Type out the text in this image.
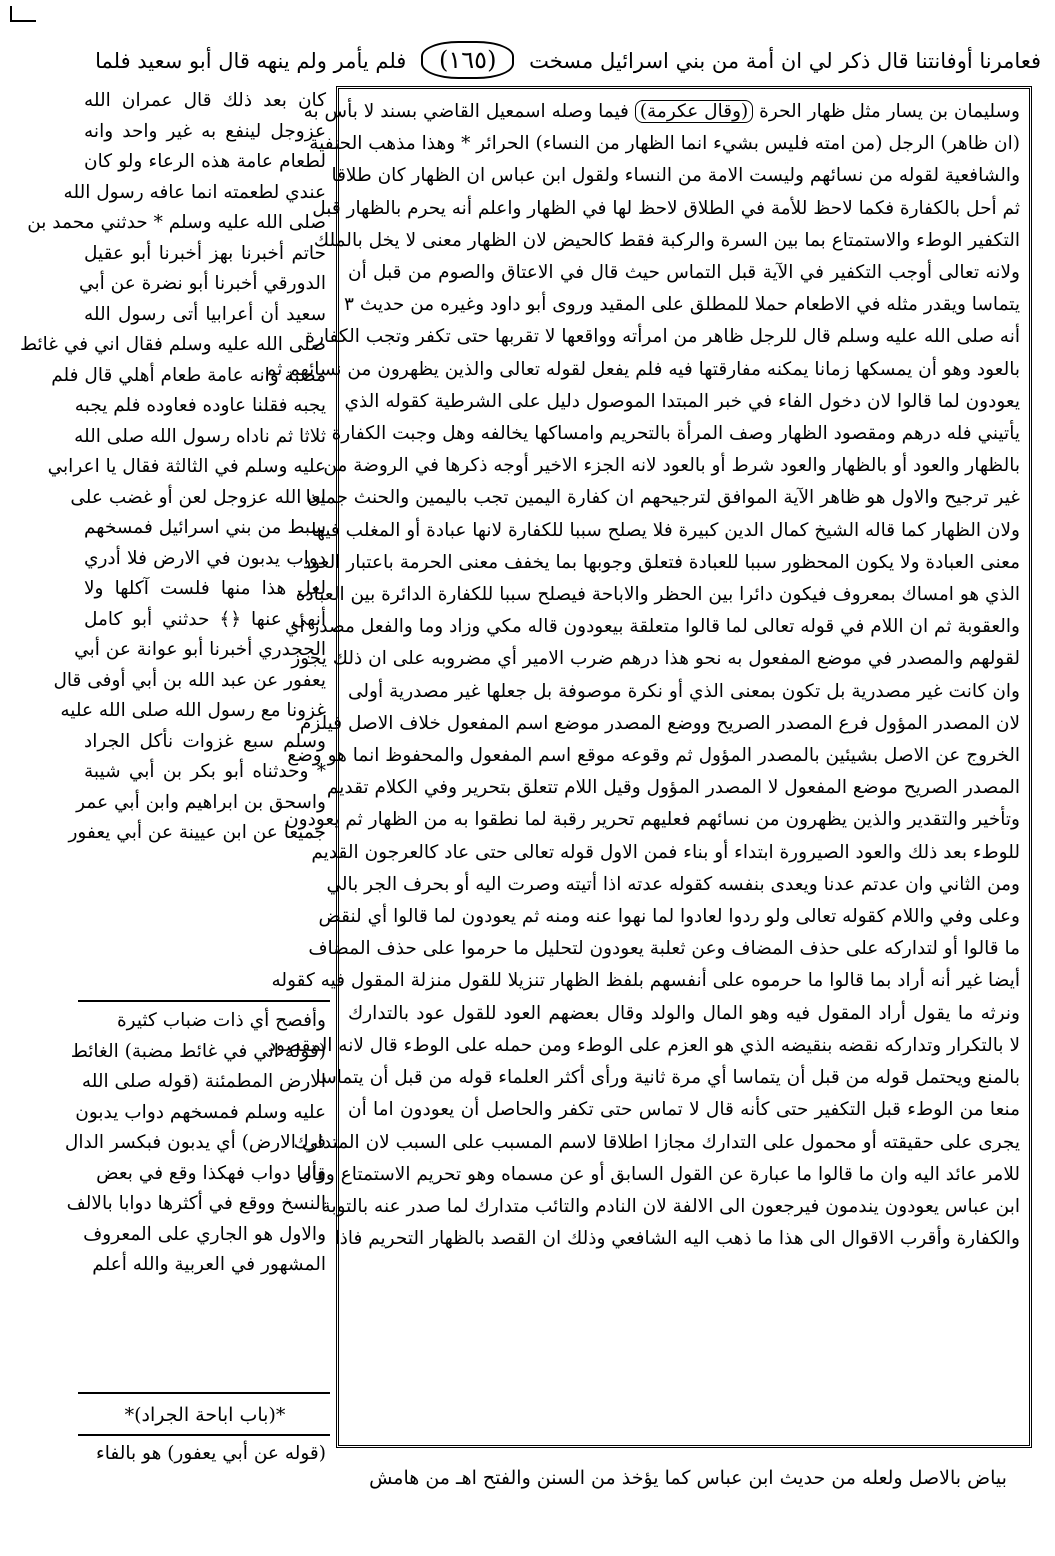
فعامرنا أوفانتنا قال ذكر لي ان أمة من بني اسرائيل مسخت (١٦٥) فلم يأمر ولم ينهه قال أبو سعيد فلما
كان بعد ذلك قال عمران الله
عزوجل لينفع به غير واحد وانه
لطعام عامة هذه الرعاء ولو كان
عندي لطعمته انما عافه رسول الله
صلى الله عليه وسلم * حدثني محمد بن
حاتم أخبرنا بهز أخبرنا أبو عقيل
الدورقي أخبرنا أبو نضرة عن أبي
سعيد أن أعرابيا أتى رسول الله
صلى الله عليه وسلم فقال اني في غائط
مضبة وانه عامة طعام أهلي قال فلم
يجبه فقلنا عاوده فعاوده فلم يجبه
ثلاثا ثم ناداه رسول الله صلى الله
عليه وسلم في الثالثة فقال يا اعرابي
ان الله عزوجل لعن أو غضب على
سبط من بني اسرائيل فمسخهم
دواب يدبون في الارض فلا أدري
لعل هذا منها فلست آكلها ولا
أنهى عنها ﴿﴾ حدثني أبو كامل
الجحدري أخبرنا أبو عوانة عن أبي
يعفور عن عبد الله بن أبي أوفى قال
غزونا مع رسول الله صلى الله عليه
وسلم سبع غزوات نأكل الجراد
* وحدثناه أبو بكر بن أبي شيبة
واسحق بن ابراهيم وابن أبي عمر
جميعا عن ابن عيينة عن أبي يعفور
وأفصح أي ذات ضباب كثيرة
(قوله اني في غائط مضبة) الغائط
الارض المطمئنة (قوله صلى الله
عليه وسلم فمسخهم دواب يدبون
في الارض) أي يدبون فبكسر الدال
وأما دواب فهكذا وقع في بعض
النسخ ووقع في أكثرها دوابا بالالف
والاول هو الجاري على المعروف
المشهور في العربية والله أعلم
*(باب اباحة الجراد)*
(قوله عن أبي يعفور) هو بالفاء
وسليمان بن يسار مثل ظهار الحرة (وقال عكرمة) فيما وصله اسمعيل القاضي بسند لا بأس به
(ان ظاهر) الرجل (من امته فليس بشيء انما الظهار من النساء) الحرائر * وهذا مذهب الحنفية
والشافعية لقوله من نسائهم وليست الامة من النساء ولقول ابن عباس ان الظهار كان طلاقا
ثم أحل بالكفارة فكما لاحظ للأمة في الطلاق لاحظ لها في الظهار واعلم أنه يحرم بالظهار قبل
التكفير الوطء والاستمتاع بما بين السرة والركبة فقط كالحيض لان الظهار معنى لا يخل بالملك
ولانه تعالى أوجب التكفير في الآية قبل التماس حيث قال في الاعتاق والصوم من قبل أن
يتماسا ويقدر مثله في الاطعام حملا للمطلق على المقيد وروى أبو داود وغيره من حديث ٣
أنه صلى الله عليه وسلم قال للرجل ظاهر من امرأته وواقعها لا تقربها حتى تكفر وتجب الكفارة
بالعود وهو أن يمسكها زمانا يمكنه مفارقتها فيه فلم يفعل لقوله تعالى والذين يظهرون من نسائهم ثم
يعودون لما قالوا لان دخول الفاء في خبر المبتدا الموصول دليل على الشرطية كقوله الذي
يأتيني فله درهم ومقصود الظهار وصف المرأة بالتحريم وامساكها يخالفه وهل وجبت الكفارة
بالظهار والعود أو بالظهار والعود شرط أو بالعود لانه الجزء الاخير أوجه ذكرها في الروضة من
غير ترجيح والاول هو ظاهر الآية الموافق لترجيحهم ان كفارة اليمين تجب باليمين والحنث جميعا
ولان الظهار كما قاله الشيخ كمال الدين كبيرة فلا يصلح سببا للكفارة لانها عبادة أو المغلب فيها
معنى العبادة ولا يكون المحظور سببا للعبادة فتعلق وجوبها بما يخفف معنى الحرمة باعتبار العود
الذي هو امساك بمعروف فيكون دائرا بين الحظر والاباحة فيصلح سببا للكفارة الدائرة بين العبادة
والعقوبة ثم ان اللام في قوله تعالى لما قالوا متعلقة بيعودون قاله مكي وزاد وما والفعل مصدر أي
لقولهم والمصدر في موضع المفعول به نحو هذا درهم ضرب الامير أي مضروبه على ان ذلك يجوز
وان كانت غير مصدرية بل تكون بمعنى الذي أو نكرة موصوفة بل جعلها غير مصدرية أولى
لان المصدر المؤول فرع المصدر الصريح ووضع المصدر موضع اسم المفعول خلاف الاصل فيلزم
الخروج عن الاصل بشيئين بالمصدر المؤول ثم وقوعه موقع اسم المفعول والمحفوظ انما هو وضع
المصدر الصريح موضع المفعول لا المصدر المؤول وقيل اللام تتعلق بتحرير وفي الكلام تقديم
وتأخير والتقدير والذين يظهرون من نسائهم فعليهم تحرير رقبة لما نطقوا به من الظهار ثم يعودون
للوطء بعد ذلك والعود الصيرورة ابتداء أو بناء فمن الاول قوله تعالى حتى عاد كالعرجون القديم
ومن الثاني وان عدتم عدنا ويعدى بنفسه كقوله عدته اذا أتيته وصرت اليه أو بحرف الجر بالي
وعلى وفي واللام كقوله تعالى ولو ردوا لعادوا لما نهوا عنه ومنه ثم يعودون لما قالوا أي لنقض
ما قالوا أو لتداركه على حذف المضاف وعن ثعلبة يعودون لتحليل ما حرموا على حذف المضاف
أيضا غير أنه أراد بما قالوا ما حرموه على أنفسهم بلفظ الظهار تنزيلا للقول منزلة المقول فيه كقوله
ونرثه ما يقول أراد المقول فيه وهو المال والولد وقال بعضهم العود للقول عود بالتدارك
لا بالتكرار وتداركه نقضه بنقيضه الذي هو العزم على الوطء ومن حمله على الوطء قال لانه المقصود
بالمنع ويحتمل قوله من قبل أن يتماسا أي مرة ثانية ورأى أكثر العلماء قوله من قبل أن يتماسا
منعا من الوطء قبل التكفير حتى كأنه قال لا تماس حتى تكفر والحاصل أن يعودون اما أن
يجرى على حقيقته أو محمول على التدارك مجازا اطلاقا لاسم المسبب على السبب لان المتدارك
للامر عائد اليه وان ما قالوا ما عبارة عن القول السابق أو عن مسماه وهو تحريم الاستمتاع وقال
ابن عباس يعودون يندمون فيرجعون الى الالفة لان النادم والتائب متدارك لما صدر عنه بالتوبة
والكفارة وأقرب الاقوال الى هذا ما ذهب اليه الشافعي وذلك ان القصد بالظهار التحريم فاذا
بياض بالاصل ولعله من حديث ابن عباس كما يؤخذ من السنن والفتح اهـ من هامش
